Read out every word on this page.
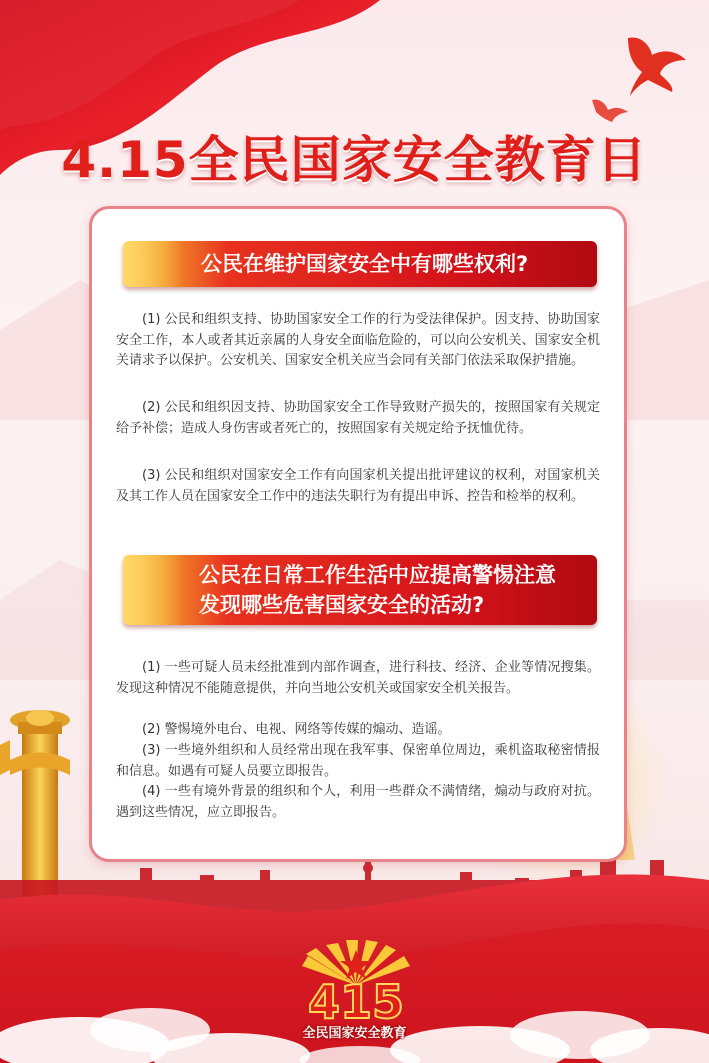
4.15全民国家安全教育日

公民在维护国家安全中有哪些权利?

(1) 公民和组织支持、协助国家安全工作的行为受法律保护。因支持、协助国家安全工作，本人或者其近亲属的人身安全面临危险的，可以向公安机关、国家安全机关请求予以保护。公安机关、国家安全机关应当会同有关部门依法采取保护措施。

(2) 公民和组织因支持、协助国家安全工作导致财产损失的，按照国家有关规定给予补偿；造成人身伤害或者死亡的，按照国家有关规定给予抚恤优待。

(3) 公民和组织对国家安全工作有向国家机关提出批评建议的权利，对国家机关及其工作人员在国家安全工作中的违法失职行为有提出申诉、控告和检举的权利。

公民在日常工作生活中应提高警惕注意
发现哪些危害国家安全的活动?

(1) 一些可疑人员未经批准到内部作调查，进行科技、经济、企业等情况搜集。发现这种情况不能随意提供，并向当地公安机关或国家安全机关报告。

(2) 警惕境外电台、电视、网络等传媒的煽动、造谣。

(3) 一些境外组织和人员经常出现在我军事、保密单位周边，乘机盗取秘密情报和信息。如遇有可疑人员要立即报告。

(4) 一些有境外背景的组织和个人，利用一些群众不满情绪，煽动与政府对抗。遇到这些情况，应立即报告。

415

全民国家安全教育
